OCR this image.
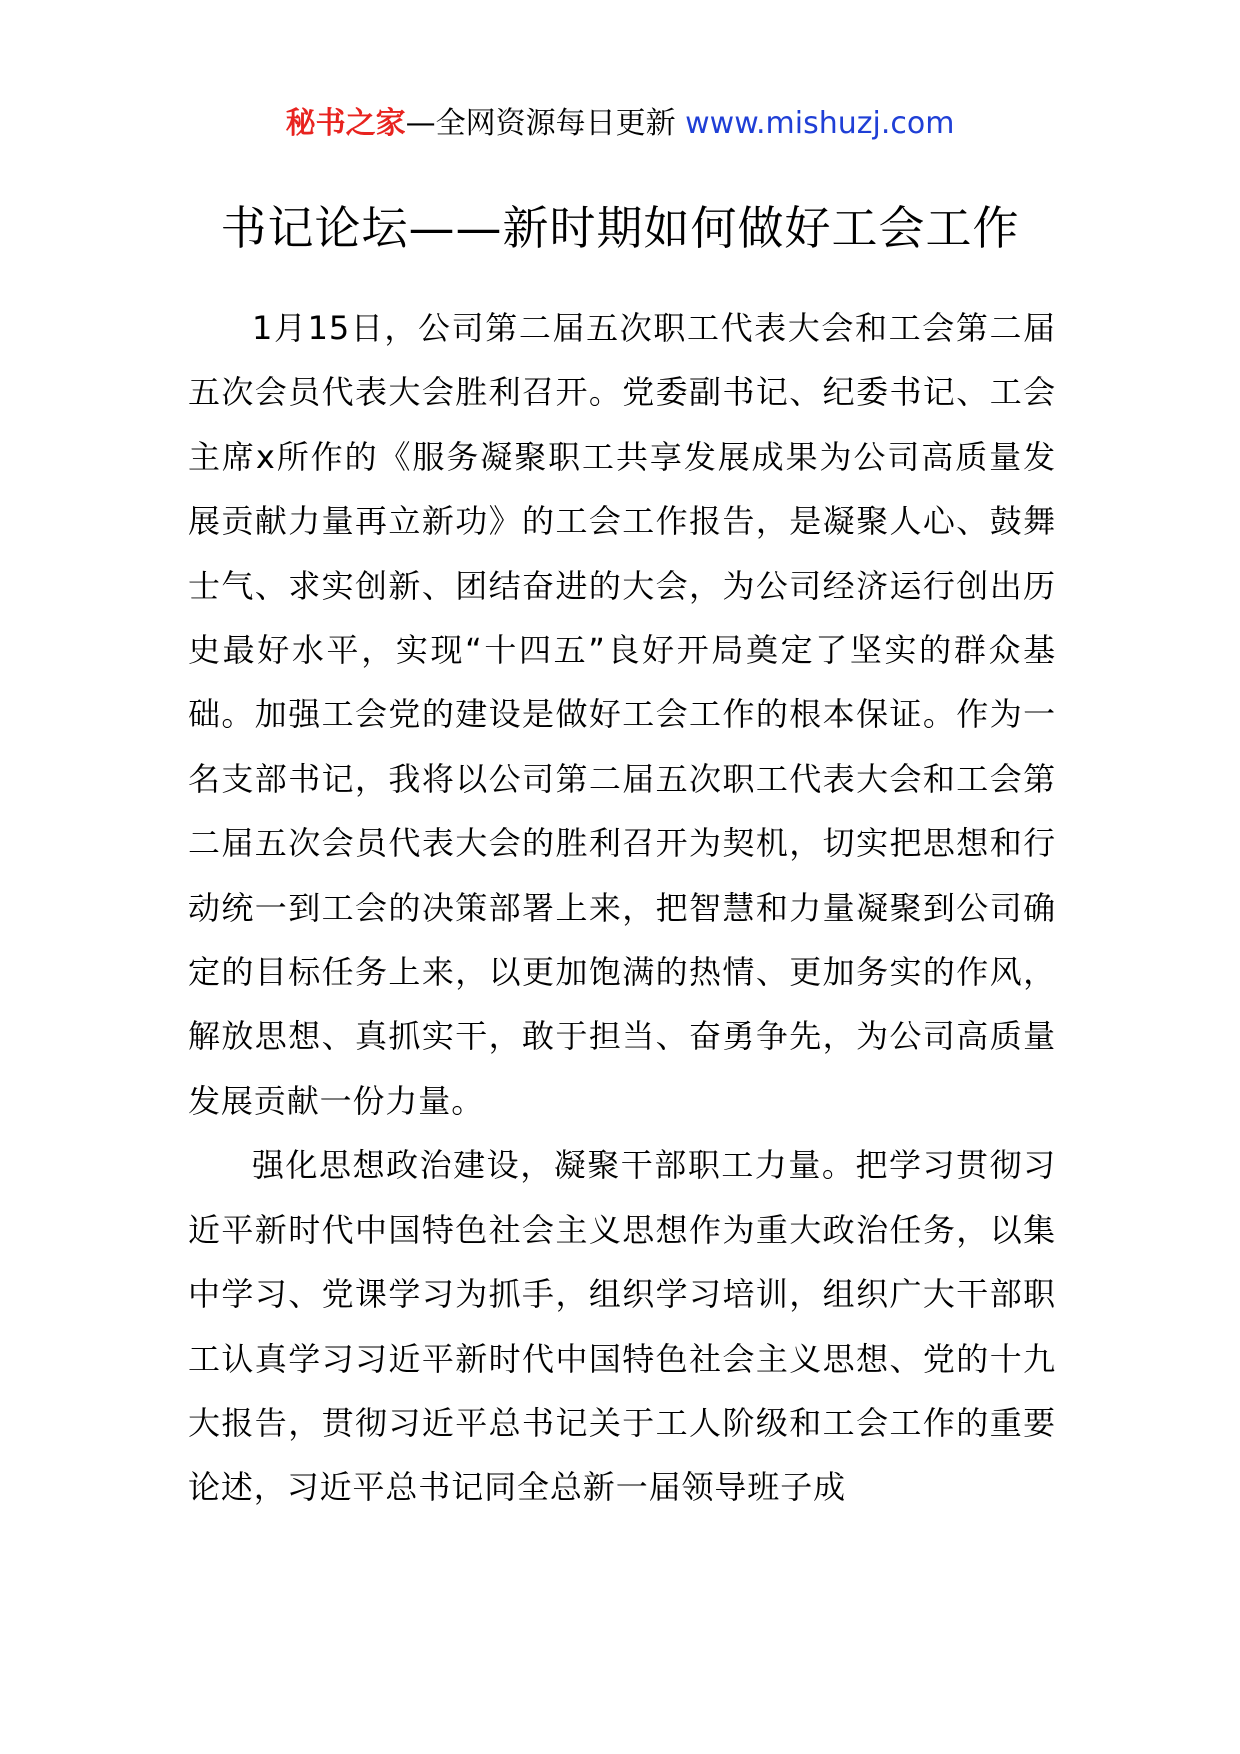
秘书之家—全网资源每日更新 www.mishuzj.com
书记论坛——新时期如何做好工会工作

1月15日，公司第二届五次职工代表大会和工会第二届五次会员代表大会胜利召开。党委副书记、纪委书记、工会主席x所作的《服务凝聚职工共享发展成果为公司高质量发展贡献力量再立新功》的工会工作报告，是凝聚人心、鼓舞士气、求实创新、团结奋进的大会，为公司经济运行创出历史最好水平，实现“十四五”良好开局奠定了坚实的群众基础。加强工会党的建设是做好工会工作的根本保证。作为一名支部书记，我将以公司第二届五次职工代表大会和工会第二届五次会员代表大会的胜利召开为契机，切实把思想和行动统一到工会的决策部署上来，把智慧和力量凝聚到公司确定的目标任务上来，以更加饱满的热情、更加务实的作风，解放思想、真抓实干，敢于担当、奋勇争先，为公司高质量发展贡献一份力量。

强化思想政治建设，凝聚干部职工力量。把学习贯彻习近平新时代中国特色社会主义思想作为重大政治任务，以集中学习、党课学习为抓手，组织学习培训，组织广大干部职工认真学习习近平新时代中国特色社会主义思想、党的十九大报告，贯彻习近平总书记关于工人阶级和工会工作的重要论述，习近平总书记同全总新一届领导班子成
